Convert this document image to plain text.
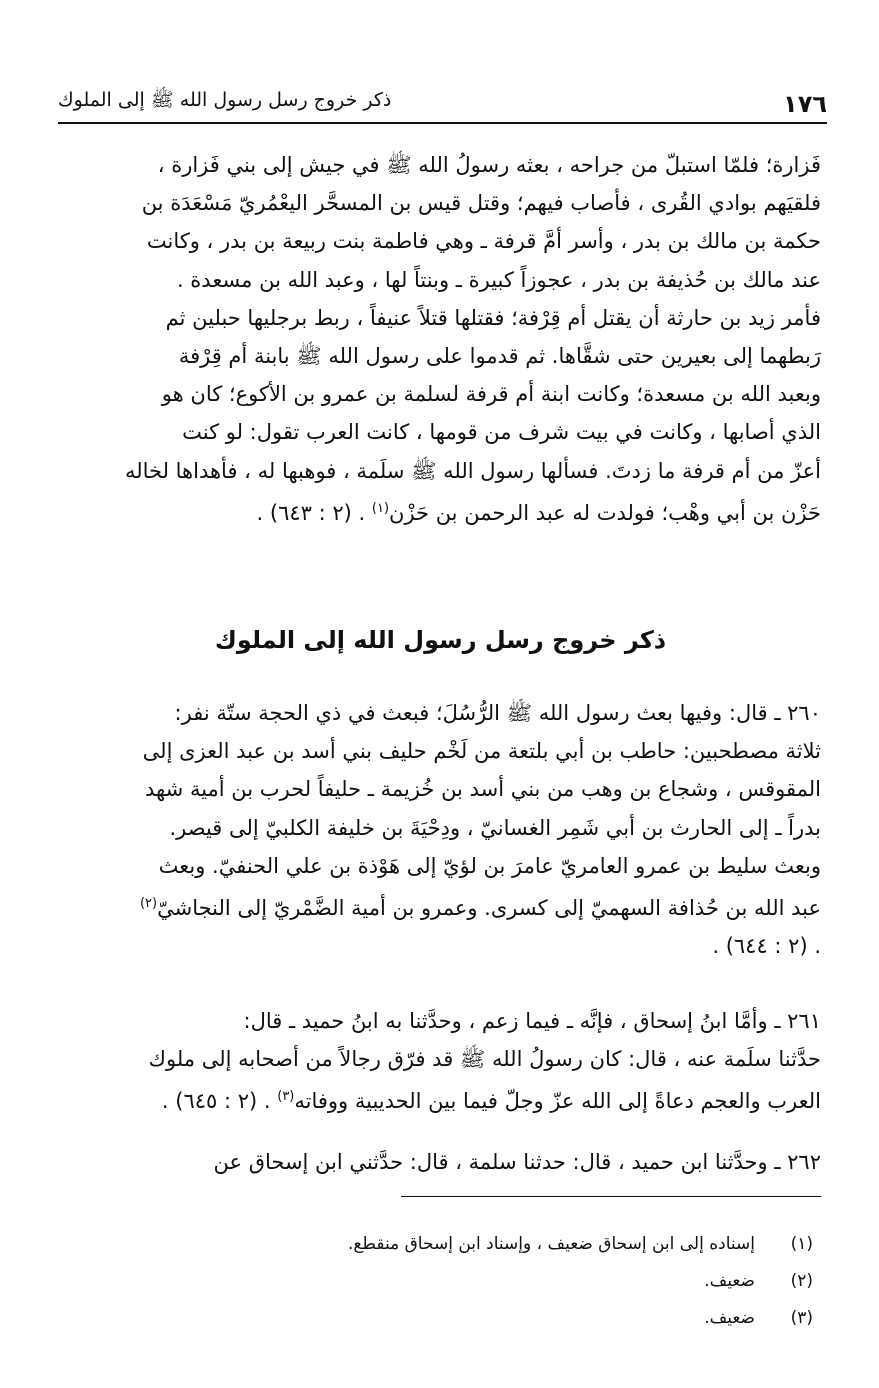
١٧٦
ذكر خروج رسل رسول الله ﷺ إلى الملوك

فَزارة؛ فلمّا استبلّ من جراحه ، بعثه رسولُ الله ﷺ في جيش إلى بني فَزارة ،

فلقيَهم بوادي القُرى ، فأصاب فيهم؛ وقتل قيس بن المسحَّر اليعْمُريّ مَسْعَدَة بن

حكمة بن مالك بن بدر ، وأسر أمَّ قرفة ـ وهي فاطمة بنت ربيعة بن بدر ، وكانت

عند مالك بن حُذيفة بن بدر ، عجوزاً كبيرة ـ وبنتاً لها ، وعبد الله بن مسعدة .

فأمر زيد بن حارثة أن يقتل أم قِرْفة؛ فقتلها قتلاً عنيفاً ، ربط برجليها حبلين ثم

رَبطهما إلى بعيرين حتى شقَّاها. ثم قدموا على رسول الله ﷺ بابنة أم قِرْفة

وبعبد الله بن مسعدة؛ وكانت ابنة أم قرفة لسلمة بن عمرو بن الأكوع؛ كان هو

الذي أصابها ، وكانت في بيت شرف من قومها ، كانت العرب تقول: لو كنت

أعزّ من أم قرفة ما زدتَ. فسألها رسول الله ﷺ سلَمة ، فوهبها له ، فأهداها لخاله

حَزْن بن أبي وهْب؛ فولدت له عبد الرحمن بن حَزْن$^{(١)}$ . (٢ : ٦٤٣) .

ذكر خروج رسل رسول الله إلى الملوك

٢٦٠ ـ قال: وفيها بعث رسول الله ﷺ الرُّسُلَ؛ فبعث في ذي الحجة ستّة نفر:

ثلاثة مصطحبين: حاطب بن أبي بلتعة من لَخْم حليف بني أسد بن عبد العزى إلى

المقوقس ، وشجاع بن وهب من بني أسد بن خُزيمة ـ حليفاً لحرب بن أمية شهد

بدراً ـ إلى الحارث بن أبي شَمِر الغسانيّ ، ودِحْيَةَ بن خليفة الكلبيّ إلى قيصر.

وبعث سليط بن عمرو العامريّ عامرَ بن لؤيّ إلى هَوْذة بن علي الحنفيّ. وبعث

عبد الله بن حُذافة السهميّ إلى كسرى. وعمرو بن أمية الضَّمْريّ إلى النجاشيّ$^{(٢)}$

. (٢ : ٦٤٤) .

٢٦١ ـ وأمَّا ابنُ إسحاق ، فإنَّه ـ فيما زعم ، وحدَّثنا به ابنُ حميد ـ قال:

حدَّثنا سلَمة عنه ، قال: كان رسولُ الله ﷺ قد فرّق رجالاً من أصحابه إلى ملوك

العرب والعجم دعاةً إلى الله عزّ وجلّ فيما بين الحديبية ووفاته$^{(٣)}$ . (٢ : ٦٤٥) .

٢٦٢ ـ وحدَّثنا ابن حميد ، قال: حدثنا سلمة ، قال: حدَّثني ابن إسحاق عن

(١)
إسناده إلى ابن إسحاق ضعيف ، وإسناد ابن إسحاق منقطع.
(٢)
ضعيف.
(٣)
ضعيف.
